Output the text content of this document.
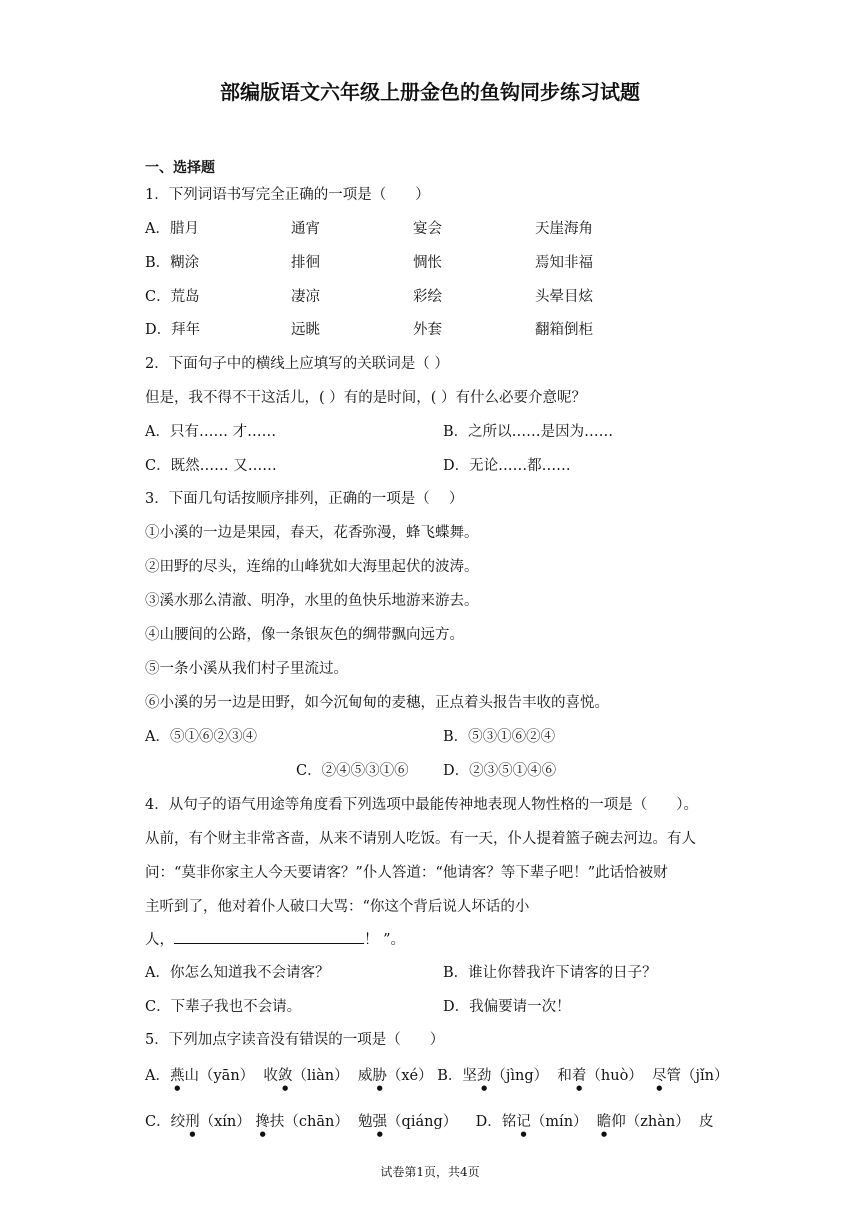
部编版语文六年级上册金色的鱼钩同步练习试题
一、选择题
1．下列词语书写完全正确的一项是（　　）
A．腊月	通宵	宴会	天崖海角
B．糊涂	排徊	惆怅	焉知非福
C．荒岛	凄凉	彩绘	头晕目炫
D．拜年	远眺	外套	翻箱倒柜
2．下面句子中的横线上应填写的关联词是（ ）
但是，我不得不干这活儿，( ）有的是时间，( ）有什么必要介意呢？
A．只有…… 才……	B．之所以……是因为……
C．既然…… 又……	D．无论……都……
3．下面几句话按顺序排列，正确的一项是（　 ）
①小溪的一边是果园，春天，花香弥漫，蜂飞蝶舞。
②田野的尽头，连绵的山峰犹如大海里起伏的波涛。
③溪水那么清澈、明净，水里的鱼快乐地游来游去。
④山腰间的公路，像一条银灰色的绸带飘向远方。
⑤一条小溪从我们村子里流过。
⑥小溪的另一边是田野，如今沉甸甸的麦穗，正点着头报告丰收的喜悦。
A．⑤①⑥②③④	B．⑤③①⑥②④
C．②④⑤③①⑥ D．②③⑤①④⑥
4．从句子的语气用途等角度看下列选项中最能传神地表现人物性格的一项是（　　）。
从前，有个财主非常吝啬，从来不请别人吃饭。有一天，仆人提着篮子碗去河边。有人
问：“莫非你家主人今天要请客？”仆人答道：“他请客？等下辈子吧！”此话恰被财
主听到了，他对着仆人破口大骂：“你这个背后说人坏话的小
人，	！ ”。
A．你怎么知道我不会请客？	B．谁让你替我许下请客的日子？
C．下辈子我也不会请。	D．我偏要请一次！
5．下列加点字读音没有错误的一项是（　　）
A．燕山（yān） 收敛（liàn） 威胁（xé） B．坚劲（jìng） 和着（huò） 尽管（jǐn）
C．绞刑（xín） 搀扶（chān） 勉强（qiáng） D．铭记（mín） 瞻仰（zhàn） 皮
试卷第1页，共4页
